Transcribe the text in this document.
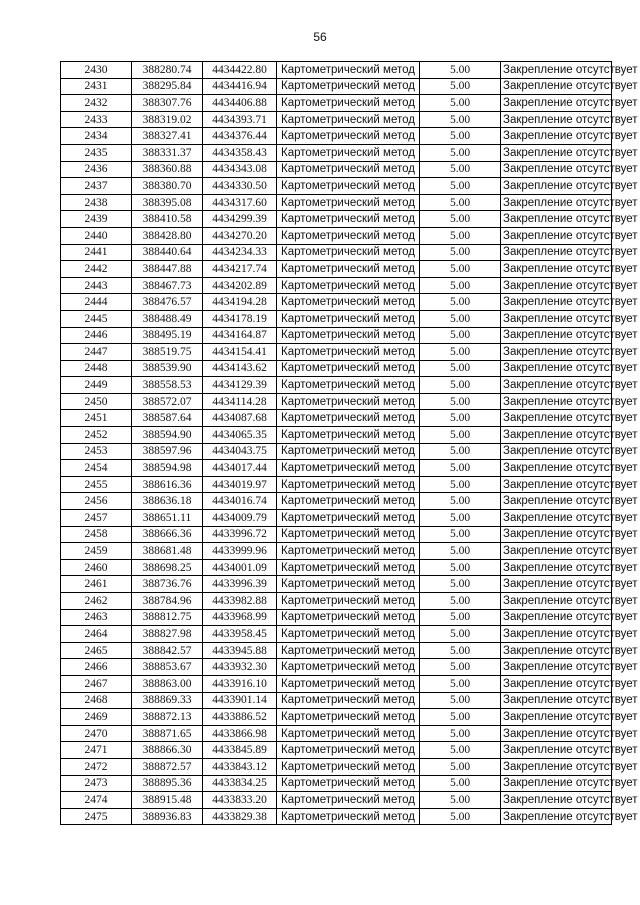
56
2430	388280.74	4434422.80	Картометрический метод	5.00	Закрепление отсутствует
2431	388295.84	4434416.94	Картометрический метод	5.00	Закрепление отсутствует
2432	388307.76	4434406.88	Картометрический метод	5.00	Закрепление отсутствует
2433	388319.02	4434393.71	Картометрический метод	5.00	Закрепление отсутствует
2434	388327.41	4434376.44	Картометрический метод	5.00	Закрепление отсутствует
2435	388331.37	4434358.43	Картометрический метод	5.00	Закрепление отсутствует
2436	388360.88	4434343.08	Картометрический метод	5.00	Закрепление отсутствует
2437	388380.70	4434330.50	Картометрический метод	5.00	Закрепление отсутствует
2438	388395.08	4434317.60	Картометрический метод	5.00	Закрепление отсутствует
2439	388410.58	4434299.39	Картометрический метод	5.00	Закрепление отсутствует
2440	388428.80	4434270.20	Картометрический метод	5.00	Закрепление отсутствует
2441	388440.64	4434234.33	Картометрический метод	5.00	Закрепление отсутствует
2442	388447.88	4434217.74	Картометрический метод	5.00	Закрепление отсутствует
2443	388467.73	4434202.89	Картометрический метод	5.00	Закрепление отсутствует
2444	388476.57	4434194.28	Картометрический метод	5.00	Закрепление отсутствует
2445	388488.49	4434178.19	Картометрический метод	5.00	Закрепление отсутствует
2446	388495.19	4434164.87	Картометрический метод	5.00	Закрепление отсутствует
2447	388519.75	4434154.41	Картометрический метод	5.00	Закрепление отсутствует
2448	388539.90	4434143.62	Картометрический метод	5.00	Закрепление отсутствует
2449	388558.53	4434129.39	Картометрический метод	5.00	Закрепление отсутствует
2450	388572.07	4434114.28	Картометрический метод	5.00	Закрепление отсутствует
2451	388587.64	4434087.68	Картометрический метод	5.00	Закрепление отсутствует
2452	388594.90	4434065.35	Картометрический метод	5.00	Закрепление отсутствует
2453	388597.96	4434043.75	Картометрический метод	5.00	Закрепление отсутствует
2454	388594.98	4434017.44	Картометрический метод	5.00	Закрепление отсутствует
2455	388616.36	4434019.97	Картометрический метод	5.00	Закрепление отсутствует
2456	388636.18	4434016.74	Картометрический метод	5.00	Закрепление отсутствует
2457	388651.11	4434009.79	Картометрический метод	5.00	Закрепление отсутствует
2458	388666.36	4433996.72	Картометрический метод	5.00	Закрепление отсутствует
2459	388681.48	4433999.96	Картометрический метод	5.00	Закрепление отсутствует
2460	388698.25	4434001.09	Картометрический метод	5.00	Закрепление отсутствует
2461	388736.76	4433996.39	Картометрический метод	5.00	Закрепление отсутствует
2462	388784.96	4433982.88	Картометрический метод	5.00	Закрепление отсутствует
2463	388812.75	4433968.99	Картометрический метод	5.00	Закрепление отсутствует
2464	388827.98	4433958.45	Картометрический метод	5.00	Закрепление отсутствует
2465	388842.57	4433945.88	Картометрический метод	5.00	Закрепление отсутствует
2466	388853.67	4433932.30	Картометрический метод	5.00	Закрепление отсутствует
2467	388863.00	4433916.10	Картометрический метод	5.00	Закрепление отсутствует
2468	388869.33	4433901.14	Картометрический метод	5.00	Закрепление отсутствует
2469	388872.13	4433886.52	Картометрический метод	5.00	Закрепление отсутствует
2470	388871.65	4433866.98	Картометрический метод	5.00	Закрепление отсутствует
2471	388866.30	4433845.89	Картометрический метод	5.00	Закрепление отсутствует
2472	388872.57	4433843.12	Картометрический метод	5.00	Закрепление отсутствует
2473	388895.36	4433834.25	Картометрический метод	5.00	Закрепление отсутствует
2474	388915.48	4433833.20	Картометрический метод	5.00	Закрепление отсутствует
2475	388936.83	4433829.38	Картометрический метод	5.00	Закрепление отсутствует
